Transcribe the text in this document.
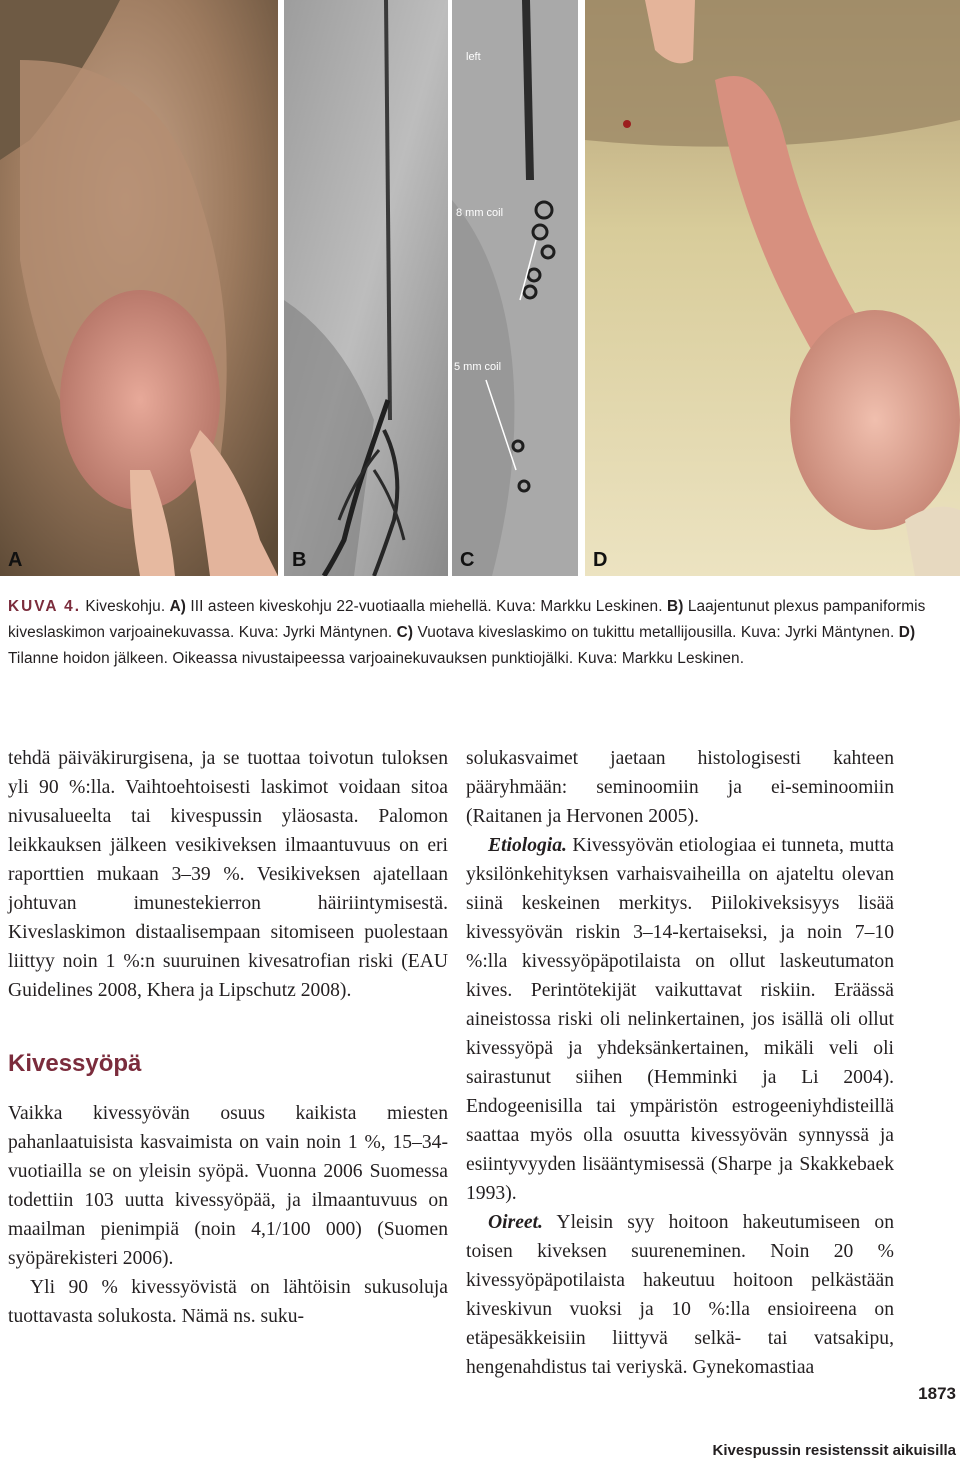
A	B
left
8 mm coil
5 mm coil
C	D
KUVA 4. Kiveskohju. A) III asteen kiveskohju 22-vuotiaalla miehellä. Kuva: Markku Leskinen. B) Laajentunut plexus pampaniformis kiveslaskimon varjoainekuvassa. Kuva: Jyrki Mäntynen. C) Vuotava kiveslaskimo on tukittu metallijousilla. Kuva: Jyrki Mäntynen. D) Tilanne hoidon jälkeen. Oikeassa nivustaipeessa varjoainekuvauksen punktiojälki. Kuva: Markku Leskinen.

tehdä päiväkirurgisena, ja se tuottaa toivotun tuloksen yli 90 %:lla. Vaihtoehtoisesti laskimot voidaan sitoa nivusalueelta tai kivespussin yläosasta. Palomon leikkauksen jälkeen vesikiveksen ilmaantuvuus on eri raporttien mukaan 3–39 %. Vesikiveksen ajatellaan johtuvan imunestekierron häiriintymisestä. Kiveslaskimon distaalisempaan sitomiseen puolestaan liittyy noin 1 %:n suuruinen kivesatrofian riski (EAU Guidelines 2008, Khera ja Lipschutz 2008).

Kivessyöpä

Vaikka kivessyövän osuus kaikista miesten pahanlaatuisista kasvaimista on vain noin 1 %, 15–34-vuotiailla se on yleisin syöpä. Vuonna 2006 Suomessa todettiin 103 uutta kivessyöpää, ja ilmaantuvuus on maailman pienimpiä (noin 4,1/100 000) (Suomen syöpärekisteri 2006).

Yli 90 % kivessyövistä on lähtöisin sukusoluja tuottavasta solukosta. Nämä ns. suku-

solukasvaimet jaetaan histologisesti kahteen pääryhmään: seminoomiin ja ei-seminoomiin (Raitanen ja Hervonen 2005).

Etiologia. Kivessyövän etiologiaa ei tunneta, mutta yksilönkehityksen varhaisvaiheilla on ajateltu olevan siinä keskeinen merkitys. Piilokiveksisyys lisää kivessyövän riskin 3–14-kertaiseksi, ja noin 7–10 %:lla kivessyöpäpotilaista on ollut laskeutumaton kives. Perintötekijät vaikuttavat riskiin. Eräässä aineistossa riski oli nelinkertainen, jos isällä oli ollut kivessyöpä ja yhdeksänkertainen, mikäli veli oli sairastunut siihen (Hemminki ja Li 2004). Endogeenisilla tai ympäristön estrogeeniyhdisteillä saattaa myös olla osuutta kivessyövän synnyssä ja esiintyvyyden lisääntymisessä (Sharpe ja Skakkebaek 1993).

Oireet. Yleisin syy hoitoon hakeutumiseen on toisen kiveksen suureneminen. Noin 20 % kivessyöpäpotilaista hakeutuu hoitoon pelkästään kiveskivun vuoksi ja 10 %:lla ensioireena on etäpesäkkeisiin liittyvä selkä- tai vatsakipu, hengenahdistus tai veriyskä. Gynekomastiaa

1873
Kivespussin resistenssit aikuisilla
